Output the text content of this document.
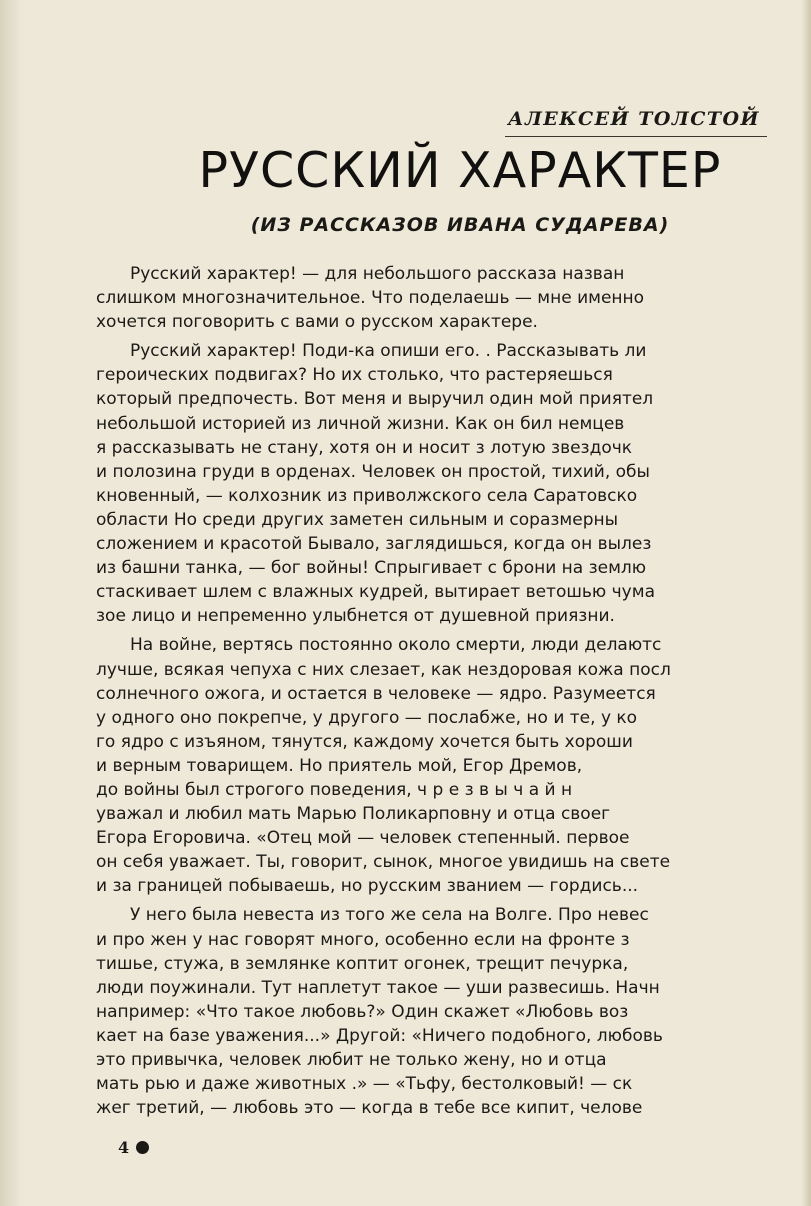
АЛЕКСЕЙ ТОЛСТОЙ
РУССКИЙ ХАРАКТЕР
(ИЗ РАССКАЗОВ ИВАНА СУДАРЕВА)
Русский характер! — для небольшого рассказа назван
слишком многозначительное. Что поделаешь — мне именно
хочется поговорить с вами о русском характере.
Русский характер! Поди-ка опиши его. . Рассказывать ли
героических подвигах? Но их столько, что растеряешься
который предпочесть. Вот меня и выручил один мой приятел
небольшой историей из личной жизни. Как он бил немцев
я рассказывать не стану, хотя он и носит з лотую звездочк
и полозина груди в орденах. Человек он простой, тихий, обы
кновенный, — колхозник из приволжского села Саратовско
области Но среди других заметен сильным и соразмерны
сложением и красотой Бывало, заглядишься, когда он вылез
из башни танка, — бог войны! Спрыгивает с брони на землю
стаскивает шлем с влажных кудрей, вытирает ветошью чума
зое лицо и непременно улыбнется от душевной приязни.
На войне, вертясь постоянно около смерти, люди делаютс
лучше, всякая чепуха с них слезает, как нездоровая кожа посл
солнечного ожога, и остается в человеке — ядро. Разумеется
у одного оно покрепче, у другого — послабже, но и те, у ко
го ядро с изъяном, тянутся, каждому хочется быть хороши
и верным товарищем. Но приятель мой, Егор Дремов,
до войны был строгого поведения, ч р е з в ы ч а й н
уважал и любил мать Марью Поликарповну и отца своег
Егора Егоровича. «Отец мой — человек степенный. первое
он себя уважает. Ты, говорит, сынок, многое увидишь на свете
и за границей побываешь, но русским званием — гордись...
У него была невеста из того же села на Волге. Про невес
и про жен у нас говорят много, особенно если на фронте з
тишье, стужа, в землянке коптит огонек, трещит печурка,
люди поужинали. Тут наплетут такое — уши развесишь. Начн
например: «Что такое любовь?» Один скажет «Любовь воз
кает на базе уважения...» Другой: «Ничего подобного, любовь
это привычка, человек любит не только жену, но и отца
мать рью и даже животных .» — «Тьфу, бестолковый! — ск
жег третий, — любовь это — когда в тебе все кипит, челове
4
